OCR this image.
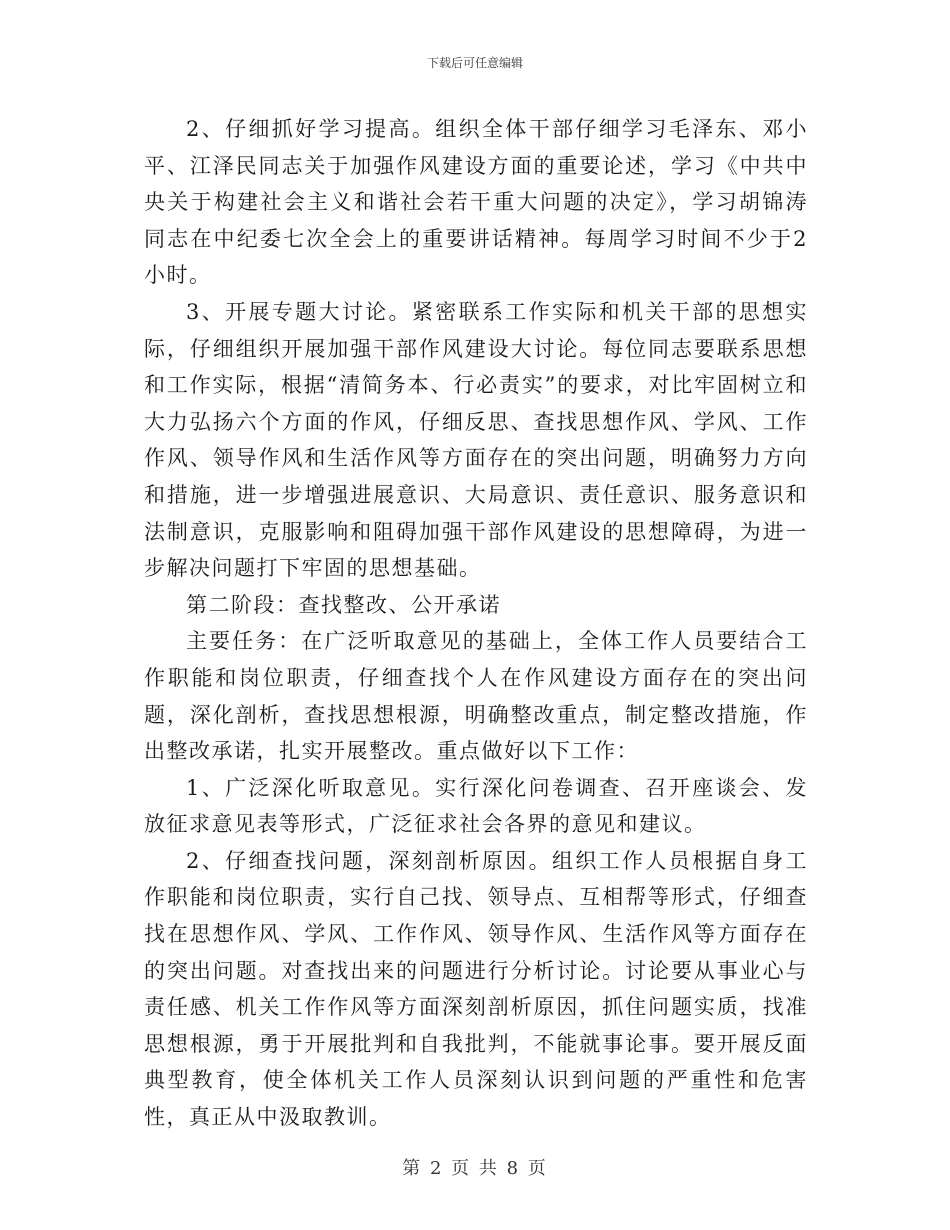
下载后可任意编辑

2、仔细抓好学习提高。组织全体干部仔细学习毛泽东、邓小平、江泽民同志关于加强作风建设方面的重要论述，学习《中共中央关于构建社会主义和谐社会若干重大问题的决定》，学习胡锦涛同志在中纪委七次全会上的重要讲话精神。每周学习时间不少于2小时。

3、开展专题大讨论。紧密联系工作实际和机关干部的思想实际，仔细组织开展加强干部作风建设大讨论。每位同志要联系思想和工作实际，根据“清简务本、行必责实”的要求，对比牢固树立和大力弘扬六个方面的作风，仔细反思、查找思想作风、学风、工作作风、领导作风和生活作风等方面存在的突出问题，明确努力方向和措施，进一步增强进展意识、大局意识、责任意识、服务意识和法制意识，克服影响和阻碍加强干部作风建设的思想障碍，为进一步解决问题打下牢固的思想基础。

第二阶段：查找整改、公开承诺

主要任务：在广泛听取意见的基础上，全体工作人员要结合工作职能和岗位职责，仔细查找个人在作风建设方面存在的突出问题，深化剖析，查找思想根源，明确整改重点，制定整改措施，作出整改承诺，扎实开展整改。重点做好以下工作：

1、广泛深化听取意见。实行深化问卷调查、召开座谈会、发放征求意见表等形式，广泛征求社会各界的意见和建议。

2、仔细查找问题，深刻剖析原因。组织工作人员根据自身工作职能和岗位职责，实行自己找、领导点、互相帮等形式，仔细查找在思想作风、学风、工作作风、领导作风、生活作风等方面存在的突出问题。对查找出来的问题进行分析讨论。讨论要从事业心与责任感、机关工作作风等方面深刻剖析原因，抓住问题实质，找准思想根源，勇于开展批判和自我批判，不能就事论事。要开展反面典型教育，使全体机关工作人员深刻认识到问题的严重性和危害性，真正从中汲取教训。

第 2 页 共 8 页
